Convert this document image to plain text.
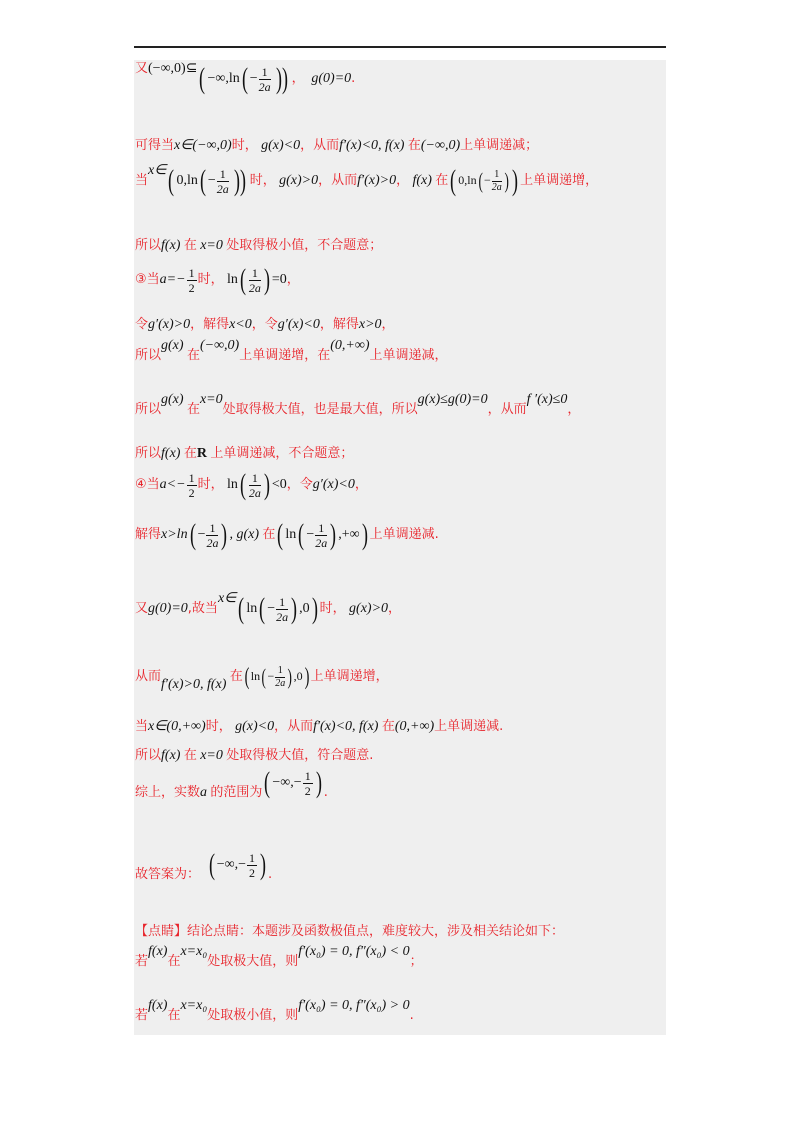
又(−∞,0)⊆( $-\infty,\ln( - \frac{1}{2a}$ )) ， g(0)=0.
可得当x∈(−∞,0)时， g(x)<0，从而f′(x)<0, f(x) 在(−∞,0)上单调递减；
当x∈( $0,\ln( - \frac{1}{2a}$ )) 时， g(x)>0，从而f′(x)>0， f(x) 在( $0,\ln(- \frac{1}{2a}$ ) ) 上单调递增，
所以f(x) 在 x=0 处取得极小值，不合题意；
③当$a=- \frac{1}{2}$ 时， $\ln( \frac{1}{2a}$ ) =0，
令g′(x)>0，解得x<0，令g′(x)<0，解得x>0，
所以g(x) 在(−∞,0)上单调递增，在(0,+∞)上单调递减，
所以g(x) 在x=0处取得极大值，也是最大值，所以g(x)≤g(0)=0，从而f ′(x)≤0，
所以f(x) 在R 上单调递减，不合题意；
④当$a<- \frac{1}{2}$ 时， $\ln( \frac{1}{2a}$ ) <0，令g′(x)<0，
解得$x>\ln( - \frac{1}{2a}$ ) , g(x) 在( $\ln( - \frac{1}{2a}$ ) ,+∞) 上单调递减.
又g(0)=0,故当x∈( $\ln( - \frac{1}{2a}$ ) ,0) 时， g(x)>0，
从而f′(x)>0, f(x) 在( $\ln(- \frac{1}{2a} ),0$) 上单调递增，
当x∈(0,+∞)时， g(x)<0，从而f′(x)<0, f(x) 在(0,+∞)上单调递减.
所以f(x) 在 x=0 处取得极大值，符合题意.
综上，实数a 的范围为( −∞,− $\frac{1}{2}$ ) .
故答案为： ( −∞,− $\frac{1}{2}$ ) .
【点睛】结论点睛：本题涉及函数极值点，难度较大，涉及相关结论如下：
若f(x)在x=x₀处取极大值，则f′(x₀) = 0, f″(x₀) < 0；
若f(x)在x=x₀处取极小值，则f′(x₀) = 0, f″(x₀) > 0.
